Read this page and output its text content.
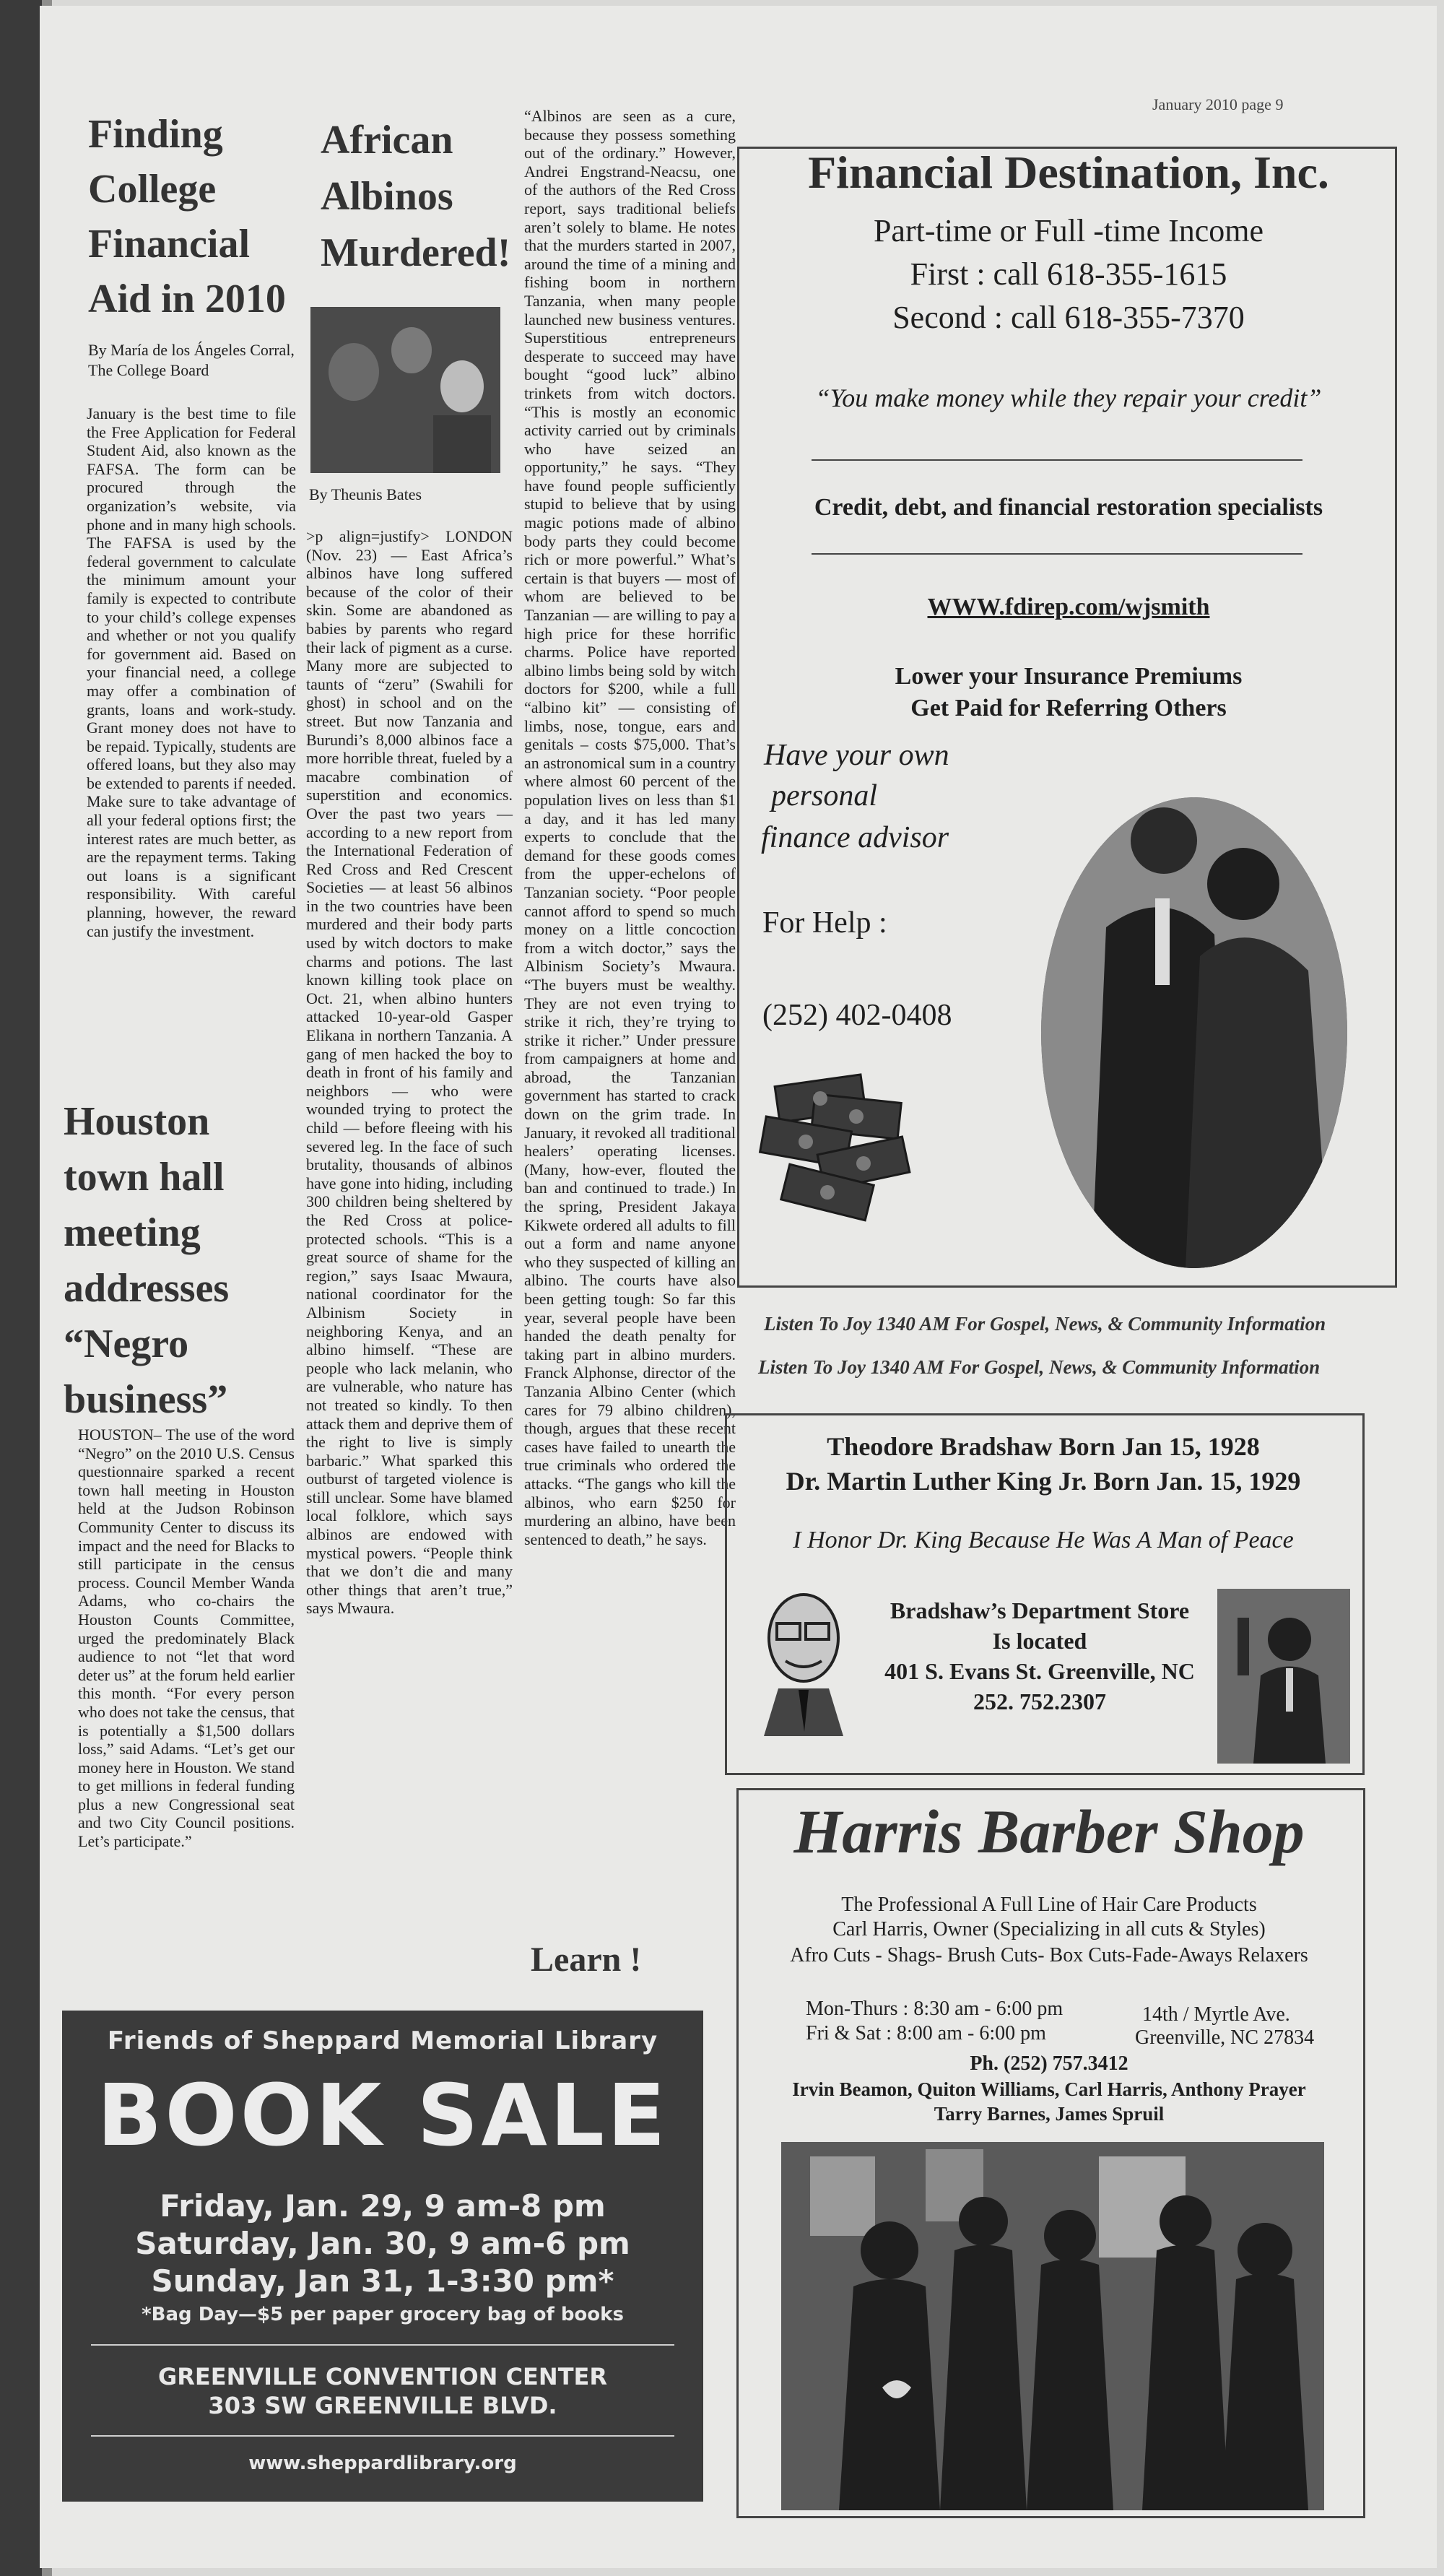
January 2010 page 9
Finding College Financial Aid in 2010
By María de los Ángeles Corral,
The College Board
January is the best time to file the Free Application for Federal Student Aid, also known as the FAFSA. The form can be procured through the organization’s website, via phone and in many high schools. The FAFSA is used by the federal government to calculate the minimum amount your family is expected to contribute to your child’s college expenses and whether or not you qualify for government aid. Based on your financial need, a college may offer a combination of grants, loans and work-study. Grant money does not have to be repaid. Typically, students are offered loans, but they also may be extended to parents if needed. Make sure to take advantage of all your federal options first; the interest rates are much better, as are the repayment terms. Taking out loans is a significant responsibility. With careful planning, however, the reward can justify the investment.
Houston town hall meeting addresses “Negro business”
HOUSTON– The use of the word “Negro” on the 2010 U.S. Census questionnaire sparked a recent town hall meeting in Houston held at the Judson Robinson Community Center to discuss its impact and the need for Blacks to still participate in the census process. Council Member Wanda Adams, who co-chairs the Houston Counts Committee, urged the predominately Black audience to not “let that word deter us” at the forum held earlier this month. “For every person who does not take the census, that is potentially a $1,500 dollars loss,” said Adams. “Let’s get our money here in Houston. We stand to get millions in federal funding plus a new Congressional seat and two City Council positions. Let’s participate.”
African Albinos Murdered!
By Theunis Bates
>p align=justify> LONDON (Nov. 23) — East Africa’s albinos have long suffered because of the color of their skin. Some are abandoned as babies by parents who regard their lack of pigment as a curse. Many more are subjected to taunts of “zeru” (Swahili for ghost) in school and on the street. But now Tanzania and Burundi’s 8,000 albinos face a more horrible threat, fueled by a macabre combination of superstition and economics. Over the past two years — according to a new report from the International Federation of Red Cross and Red Crescent Societies — at least 56 albinos in the two countries have been murdered and their body parts used by witch doctors to make charms and potions. The last known killing took place on Oct. 21, when albino hunters attacked 10-year-old Gasper Elikana in northern Tanzania. A gang of men hacked the boy to death in front of his family and neighbors — who were wounded trying to protect the child — before fleeing with his severed leg. In the face of such brutality, thousands of albinos have gone into hiding, including 300 children being sheltered by the Red Cross at police-protected schools. “This is a great source of shame for the region,” says Isaac Mwaura, national coordinator for the Albinism Society in neighboring Kenya, and an albino himself. “These are people who lack melanin, who are vulnerable, who nature has not treated so kindly. To then attack them and deprive them of the right to live is simply barbaric.” What sparked this outburst of targeted violence is still unclear. Some have blamed local folklore, which says albinos are endowed with mystical powers. “People think that we don’t die and many other things that aren’t true,” says Mwaura.
“Albinos are seen as a cure, because they possess something out of the ordinary.” However, Andrei Engstrand-Neacsu, one of the authors of the Red Cross report, says traditional beliefs aren’t solely to blame. He notes that the murders started in 2007, around the time of a mining and fishing boom in northern Tanzania, when many people launched new business ventures. Superstitious entrepreneurs desperate to succeed may have bought “good luck” albino trinkets from witch doctors. “This is mostly an economic activity carried out by criminals who have seized an opportunity,” he says. “They have found people sufficiently stupid to believe that by using magic potions made of albino body parts they could become rich or more powerful.” What’s certain is that buyers — most of whom are believed to be Tanzanian — are willing to pay a high price for these horrific charms. Police have reported albino limbs being sold by witch doctors for $200, while a full “albino kit” — consisting of limbs, nose, tongue, ears and genitals – costs $75,000. That’s an astronomical sum in a country where almost 60 percent of the population lives on less than $1 a day, and it has led many experts to conclude that the demand for these goods comes from the upper-echelons of Tanzanian society. “Poor people cannot afford to spend so much money on a little concoction from a witch doctor,” says the Albinism Society’s Mwaura. “The buyers must be wealthy. They are not even trying to strike it rich, they’re trying to strike it richer.” Under pressure from campaigners at home and abroad, the Tanzanian government has started to crack down on the grim trade. In January, it revoked all traditional healers’ operating licenses. (Many, how-ever, flouted the ban and continued to trade.) In the spring, President Jakaya Kikwete ordered all adults to fill out a form and name anyone who they suspected of killing an albino. The courts have also been getting tough: So far this year, several people have been handed the death penalty for taking part in albino murders. Franck Alphonse, director of the Tanzania Albino Center (which cares for 79 albino children), though, argues that these recent cases have failed to unearth the true criminals who ordered the attacks. “The gangs who kill the albinos, who earn $250 for murdering an albino, have been sentenced to death,” he says.
Learn !
Friends of Sheppard Memorial Library
BOOK SALE
Friday, Jan. 29, 9 am-8 pm
Saturday, Jan. 30, 9 am-6 pm
Sunday, Jan 31, 1-3:30 pm*
*Bag Day—$5 per paper grocery bag of books
GREENVILLE CONVENTION CENTER
303 SW GREENVILLE BLVD.
www.sheppardlibrary.org
Financial Destination, Inc.
Part-time or Full -time Income
First : call 618-355-1615
Second : call 618-355-7370
“You make money while they repair your credit”
Credit, debt, and financial restoration specialists
WWW.fdirep.com/wjsmith
Lower your Insurance Premiums
Get Paid for Referring Others
Have your own
personal
finance advisor
For Help :
(252) 402-0408
Listen To Joy 1340 AM For Gospel, News, & Community Information
Listen To Joy 1340 AM For Gospel, News, & Community Information
Theodore Bradshaw Born Jan 15, 1928
Dr. Martin Luther King Jr. Born Jan. 15, 1929
I Honor Dr. King Because He Was A Man of Peace
Bradshaw’s Department Store
Is located
401 S. Evans St. Greenville, NC
252. 752.2307
Harris Barber Shop
The Professional A Full Line of Hair Care Products
Carl Harris, Owner (Specializing in all cuts & Styles)
Afro Cuts - Shags- Brush Cuts- Box Cuts-Fade-Aways Relaxers
Mon-Thurs : 8:30 am - 6:00 pm
Fri & Sat : 8:00 am - 6:00 pm
14th / Myrtle Ave.
Greenville, NC 27834
Ph. (252) 757.3412
Irvin Beamon, Quiton Williams, Carl Harris, Anthony Prayer
Tarry Barnes, James Spruil
